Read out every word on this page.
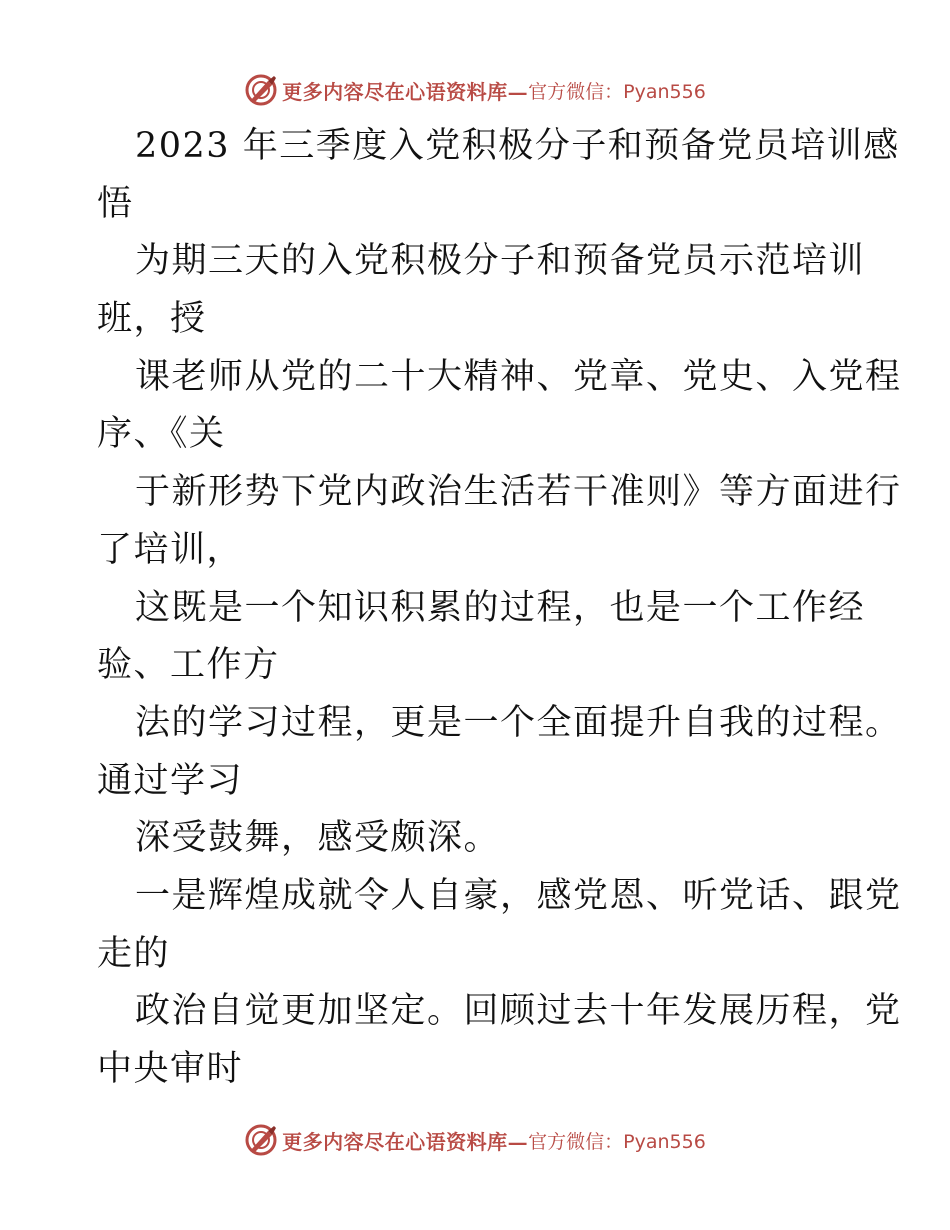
更多内容尽在心语资料库— 官方微信：Pyan556
2023 年三季度入党积极分子和预备党员培训感
悟
为期三天的入党积极分子和预备党员示范培训
班，授
课老师从党的二十大精神、党章、党史、入党程
序、《关
于新形势下党内政治生活若干准则》等方面进行
了培训，
这既是一个知识积累的过程，也是一个工作经
验、工作方
法的学习过程，更是一个全面提升自我的过程。
通过学习
深受鼓舞，感受颇深。
一是辉煌成就令人自豪，感党恩、听党话、跟党
走的
政治自觉更加坚定。回顾过去十年发展历程，党
中央审时
更多内容尽在心语资料库— 官方微信：Pyan556
